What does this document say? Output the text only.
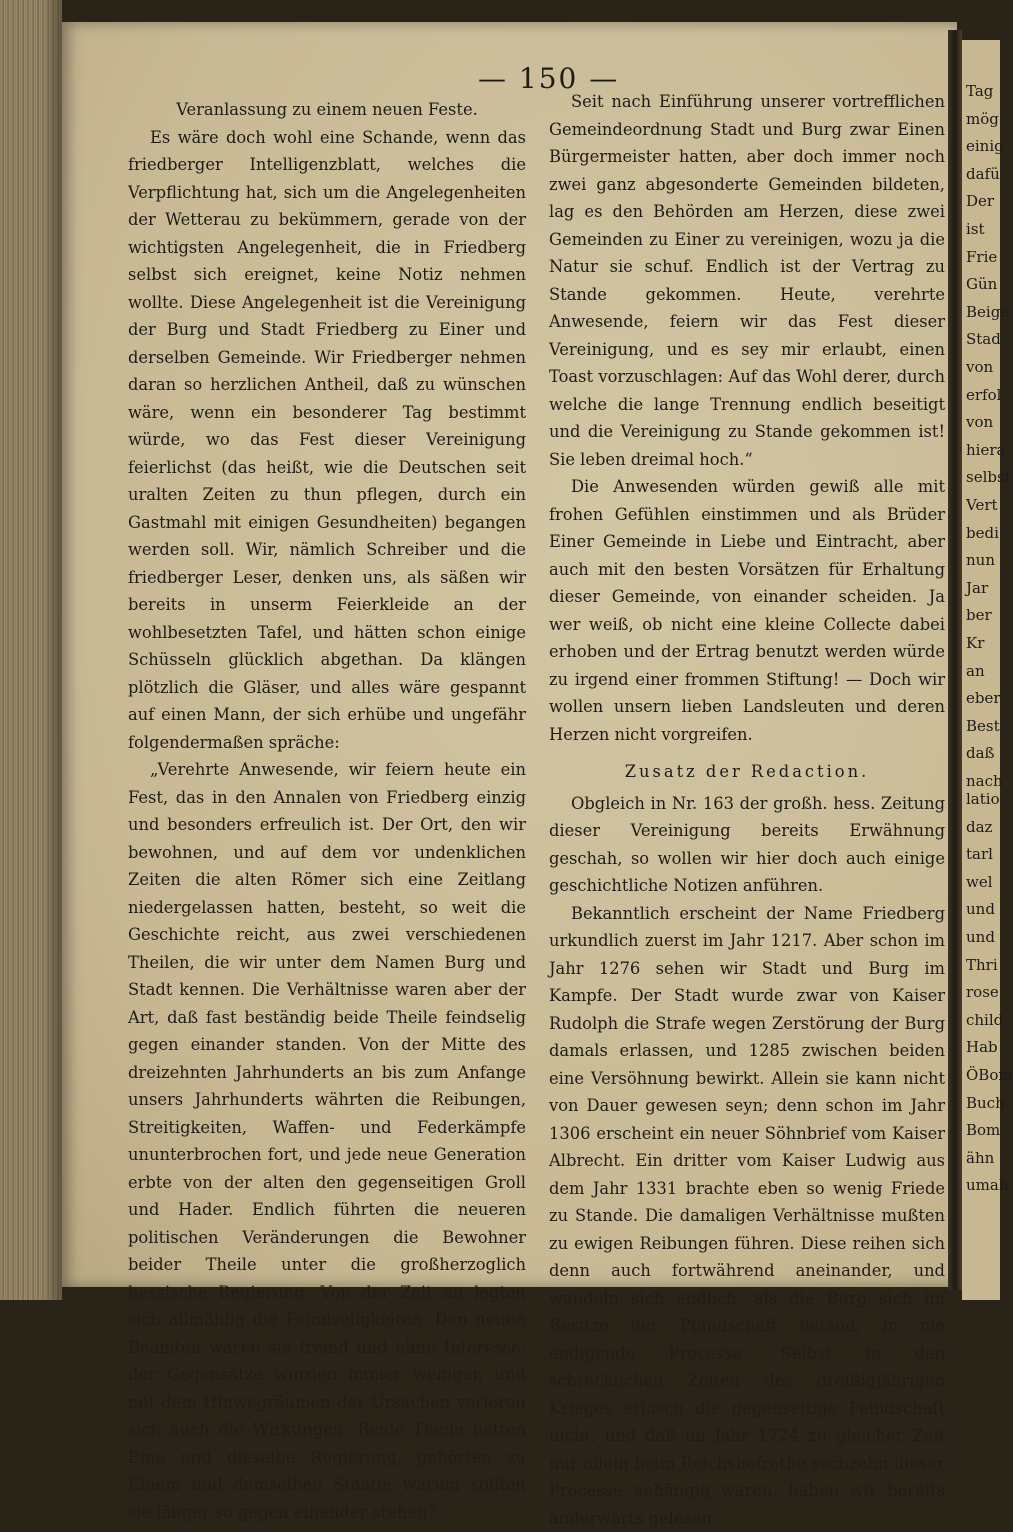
Tag
mög
einig
dafü
Der
ist
Frie
Gün
Beige
Stad
von
erfol
von
hiera
selbst
Vert
bedi
nun
Jar
ber
Kr
an
eber
Best
daß
nach
latio
daz
tarl
wel
und
und
Thri
rose
child
Hab
ÖBom
Buch
Bom
ähn
umah
— 150 —

Veranlassung zu einem neuen Feste.

Es wäre doch wohl eine Schande, wenn das friedberger Intelligenzblatt, welches die Verpflichtung hat, sich um die Angelegenheiten der Wetterau zu bekümmern, gerade von der wichtigsten Angelegenheit, die in Friedberg selbst sich ereignet, keine Notiz nehmen wollte. Diese Angelegenheit ist die Vereinigung der Burg und Stadt Friedberg zu Einer und derselben Gemeinde. Wir Friedberger nehmen daran so herzlichen Antheil, daß zu wünschen wäre, wenn ein besonderer Tag bestimmt würde, wo das Fest dieser Vereinigung feierlichst (das heißt, wie die Deutschen seit uralten Zeiten zu thun pflegen, durch ein Gastmahl mit einigen Gesundheiten) begangen werden soll. Wir, nämlich Schreiber und die friedberger Leser, denken uns, als säßen wir bereits in unserm Feierkleide an der wohlbesetzten Tafel, und hätten schon einige Schüsseln glücklich abgethan. Da klängen plötzlich die Gläser, und alles wäre gespannt auf einen Mann, der sich erhübe und ungefähr folgendermaßen spräche:

„Verehrte Anwesende, wir feiern heute ein Fest, das in den Annalen von Friedberg einzig und besonders erfreulich ist. Der Ort, den wir bewohnen, und auf dem vor undenklichen Zeiten die alten Römer sich eine Zeitlang niedergelassen hatten, besteht, so weit die Geschichte reicht, aus zwei verschiedenen Theilen, die wir unter dem Namen Burg und Stadt kennen. Die Verhältnisse waren aber der Art, daß fast beständig beide Theile feindselig gegen einander standen. Von der Mitte des dreizehnten Jahrhunderts an bis zum Anfange unsers Jahrhunderts währten die Reibungen, Streitigkeiten, Waffen- und Federkämpfe ununterbrochen fort, und jede neue Generation erbte von der alten den gegenseitigen Groll und Hader. Endlich führten die neueren politischen Veränderungen die Bewohner beider Theile unter die großherzoglich hessische Regierung. Von der Zeit an legten sich allmählig die Feindseligkeiten. Den neuen Beamten waren sie fremd und ohne Interesse; der Gegensätze wurden immer weniger, und mit dem Hinwegräumen der Ursachen verloren sich auch die Wirkungen. Beide Theile hatten Eine und dieselbe Regierung, gehörten zu Einem und demselben Staate; warum sollten sie länger so gegen einander stehen?

Seit nach Einführung unserer vortrefflichen Gemeindeordnung Stadt und Burg zwar Einen Bürgermeister hatten, aber doch immer noch zwei ganz abgesonderte Gemeinden bildeten, lag es den Behörden am Herzen, diese zwei Gemeinden zu Einer zu vereinigen, wozu ja die Natur sie schuf. Endlich ist der Vertrag zu Stande gekommen. Heute, verehrte Anwesende, feiern wir das Fest dieser Vereinigung, und es sey mir erlaubt, einen Toast vorzuschlagen: Auf das Wohl derer, durch welche die lange Trennung endlich beseitigt und die Vereinigung zu Stande gekommen ist! Sie leben dreimal hoch.“

Die Anwesenden würden gewiß alle mit frohen Gefühlen einstimmen und als Brüder Einer Gemeinde in Liebe und Eintracht, aber auch mit den besten Vorsätzen für Erhaltung dieser Gemeinde, von einander scheiden. Ja wer weiß, ob nicht eine kleine Collecte dabei erhoben und der Ertrag benutzt werden würde zu irgend einer frommen Stiftung! — Doch wir wollen unsern lieben Landsleuten und deren Herzen nicht vorgreifen.

Zusatz der Redaction.

Obgleich in Nr. 163 der großh. hess. Zeitung dieser Vereinigung bereits Erwähnung geschah, so wollen wir hier doch auch einige geschichtliche Notizen anführen.

Bekanntlich erscheint der Name Friedberg urkundlich zuerst im Jahr 1217. Aber schon im Jahr 1276 sehen wir Stadt und Burg im Kampfe. Der Stadt wurde zwar von Kaiser Rudolph die Strafe wegen Zerstörung der Burg damals erlassen, und 1285 zwischen beiden eine Versöhnung bewirkt. Allein sie kann nicht von Dauer gewesen seyn; denn schon im Jahr 1306 erscheint ein neuer Söhnbrief vom Kaiser Albrecht. Ein dritter vom Kaiser Ludwig aus dem Jahr 1331 brachte eben so wenig Friede zu Stande. Die damaligen Verhältnisse mußten zu ewigen Reibungen führen. Diese reihen sich denn auch fortwährend aneinander, und wandeln sich endlich, als die Burg sich im Besitze der Pfandschaft befand, in nie endigende Processe. Selbst in den schrecklichen Zeiten des dreißigjährigen Krieges erlosch die gegenseitige Feindschaft nicht, und daß im Jahr 1724 zu gleicher Zeit nur allein beim Reichshofrathe sechzehn dieser Processe anhängig waren, haben wir bereits anderwärts gelesen.
